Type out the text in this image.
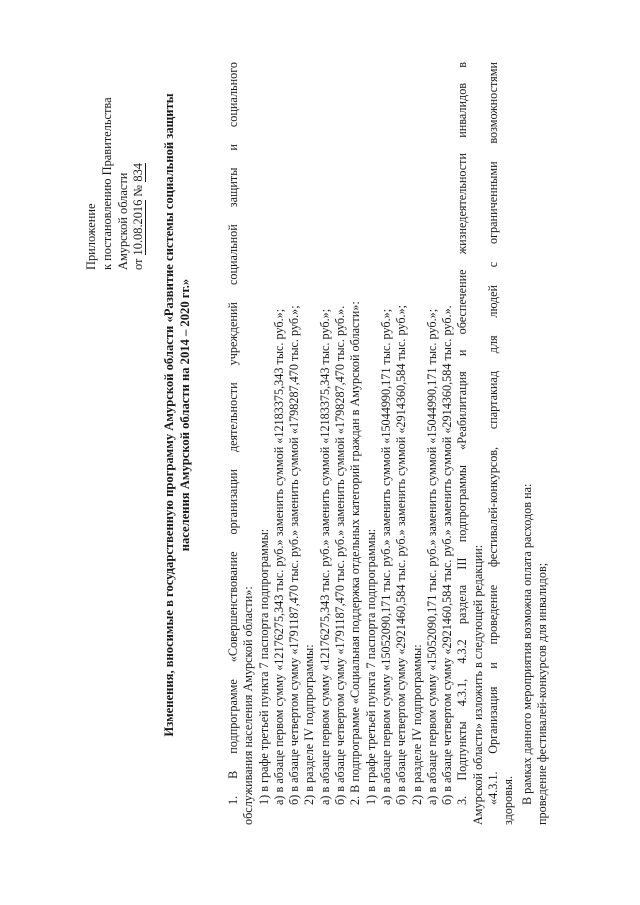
Приложение к постановлению Правительства Амурской области от 10.08.2016 № 834 Изменения, вносимые в государственную программу Амурской области «Развитие системы социальной защиты населения Амурской области на 2014 – 2020 гг.»	1. В подпрограмме «Совершенствование организации деятельности учреждений социальной защиты и социального обслуживания населения Амурской области»: 1) в графе третьей пункта 7 паспорта подпрограммы: а) в абзаце первом сумму «12176275,343 тыс. руб.» заменить суммой «12183375,343 тыс. руб.»; б) в абзаце четвертом сумму «1791187,470 тыс. руб.» заменить суммой «1798287,470 тыс. руб.»; 2) в разделе IV подпрограммы: а) в абзаце первом сумму «12176275,343 тыс. руб.» заменить суммой «12183375,343 тыс. руб.»; б) в абзаце четвертом сумму «1791187,470 тыс. руб.» заменить суммой «1798287,470 тыс. руб.». 2. В подпрограмме «Социальная поддержка отдельных категорий граждан в Амурской области»: 1) в графе третьей пункта 7 паспорта подпрограммы: а) в абзаце первом сумму «15052090,171 тыс. руб.» заменить суммой «15044990,171 тыс. руб.»; б) в абзаце четвертом сумму «2921460,584 тыс. руб.» заменить суммой «2914360,584 тыс. руб.»; 2) в разделе IV подпрограммы: а) в абзаце первом сумму «15052090,171 тыс. руб.» заменить суммой «15044990,171 тыс. руб.»; б) в абзаце четвертом сумму «2921460,584 тыс. руб.» заменить суммой «2914360,584 тыс. руб.». 3. Подпункты 4.3.1, 4.3.2 раздела III подпрограммы «Реабилитация и обеспечение жизнедеятельности инвалидов в Амурской области» изложить в следующей редакции: «4.3.1. Организация и проведение фестивалей-конкурсов, спартакиад для людей с ограниченными возможностями здоровья. В рамках данного мероприятия возможна оплата расходов на: проведение фестивалей-конкурсов для инвалидов;
